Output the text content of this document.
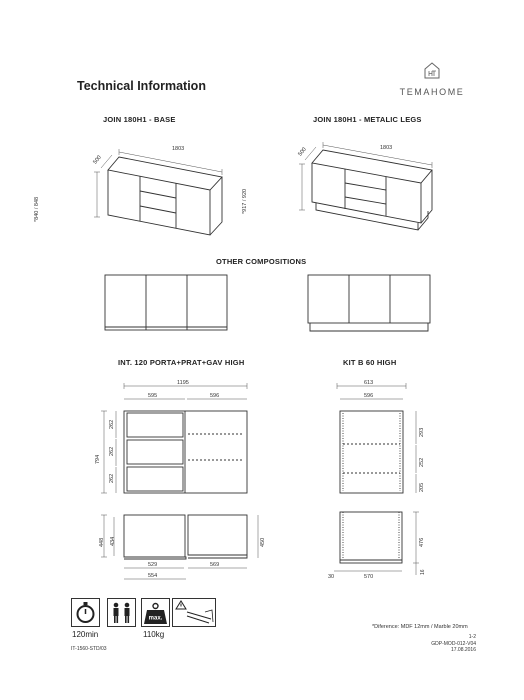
Technical Information	TEMAHOME
JOIN 180H1 - BASE	JOIN 180H1 - METALIC LEGS
OTHER COMPOSITIONS
INT. 120 PORTA+PRAT+GAV HIGH	KIT B 60 HIGH
1803
500
*840 / 848
1803
500
*917 / 920
1195
595	596
794
262
262
262
448 434	450
529	569
554
613
596
293
252
205
476
570
30
16
max.
120min	110kg
IT-1560-STD/03
*Diference: MDF 12mm / Marble 20mm
1-2
GDP-MOD-012-V04
17.08.2016
